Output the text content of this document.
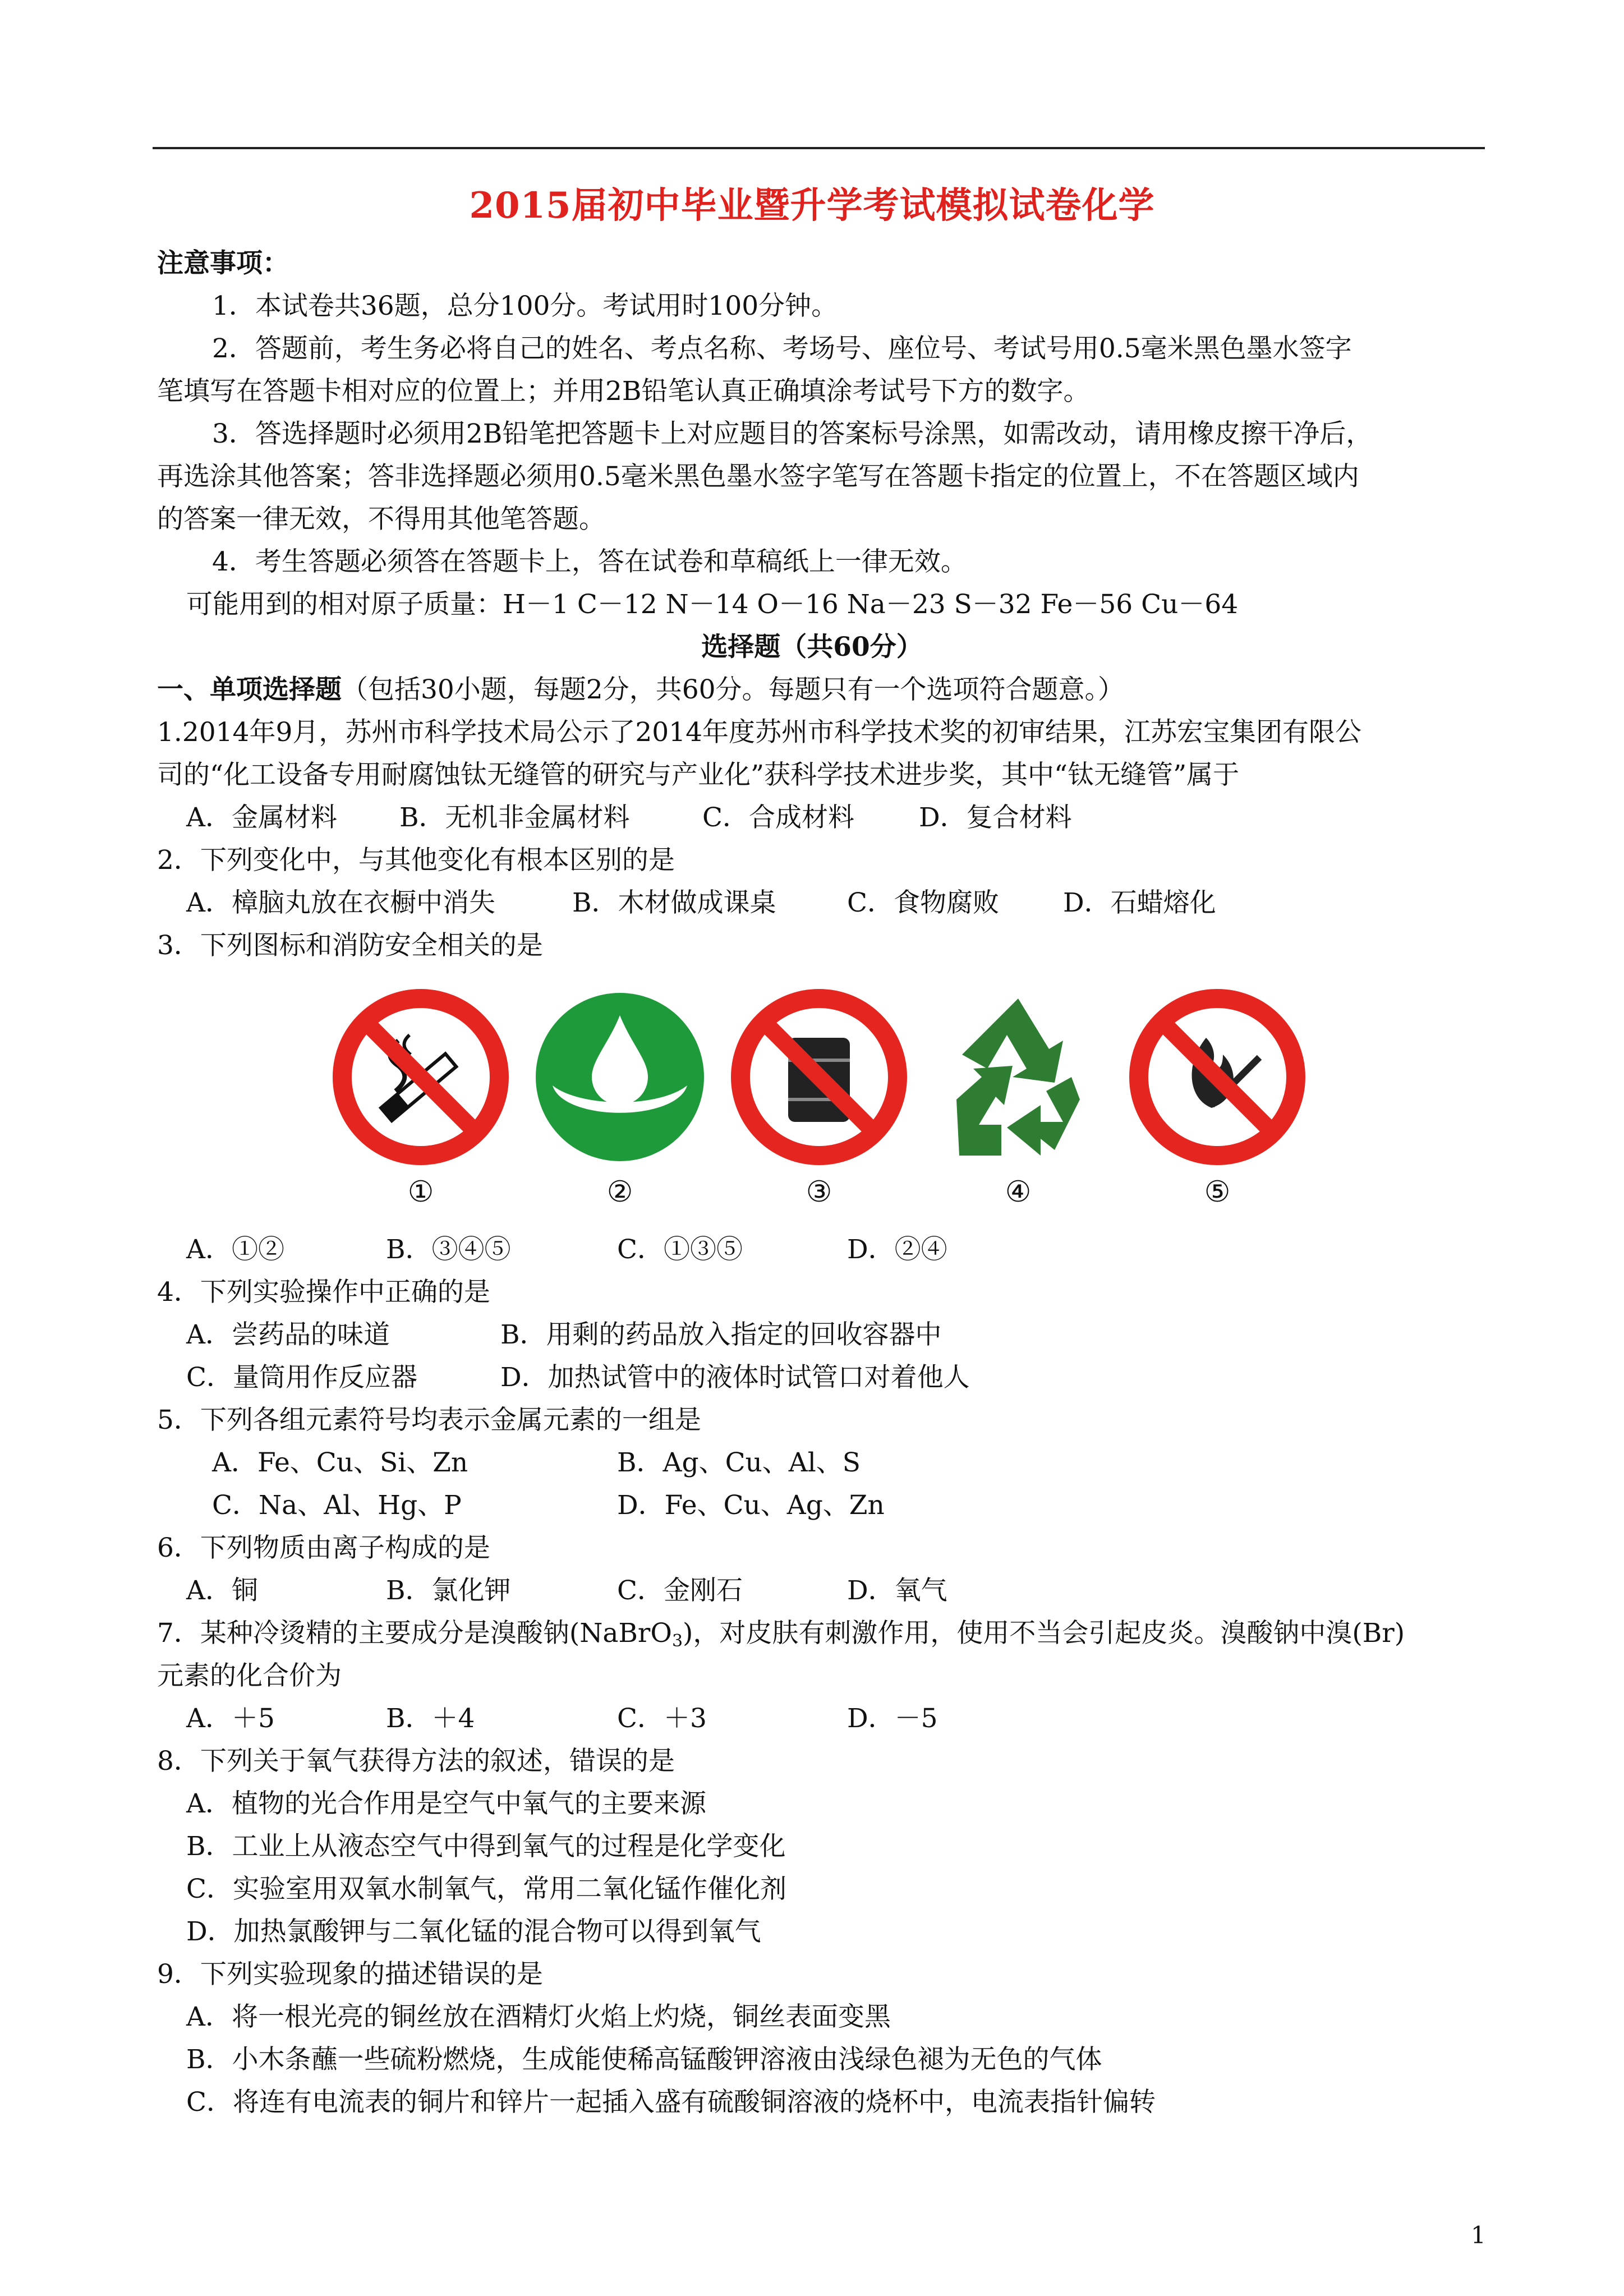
2015届初中毕业暨升学考试模拟试卷化学
注意事项：
1．本试卷共36题，总分100分。考试用时100分钟。
2．答题前，考生务必将自己的姓名、考点名称、考场号、座位号、考试号用0.5毫米黑色墨水签字
笔填写在答题卡相对应的位置上；并用2B铅笔认真正确填涂考试号下方的数字。
3．答选择题时必须用2B铅笔把答题卡上对应题目的答案标号涂黑，如需改动，请用橡皮擦干净后，
再选涂其他答案；答非选择题必须用0.5毫米黑色墨水签字笔写在答题卡指定的位置上，不在答题区域内
的答案一律无效，不得用其他笔答题。
4．考生答题必须答在答题卡上，答在试卷和草稿纸上一律无效。
可能用到的相对原子质量：H－1 C－12 N－14 O－16 Na－23 S－32 Fe－56 Cu－64
选择题（共60分）
一、单项选择题（包括30小题，每题2分，共60分。每题只有一个选项符合题意。）
1.2014年9月，苏州市科学技术局公示了2014年度苏州市科学技术奖的初审结果，江苏宏宝集团有限公
司的“化工设备专用耐腐蚀钛无缝管的研究与产业化”获科学技术进步奖，其中“钛无缝管”属于
A．金属材料 B．无机非金属材料	C．合成材料 D．复合材料
2．下列变化中，与其他变化有根本区别的是
A．樟脑丸放在衣橱中消失	B．木材做成课桌	C．食物腐败 D．石蜡熔化
3．下列图标和消防安全相关的是
①	②	③	④	⑤
A．①②	B．③④⑤	C．①③⑤	D．②④
4．下列实验操作中正确的是
A．尝药品的味道	B．用剩的药品放入指定的回收容器中
C．量筒用作反应器	D．加热试管中的液体时试管口对着他人
5．下列各组元素符号均表示金属元素的一组是
A．Fe、Cu、Si、Zn	B．Ag、Cu、Al、S
C．Na、Al、Hg、P	D．Fe、Cu、Ag、Zn
6．下列物质由离子构成的是
A．铜	B．氯化钾	C．金刚石	D．氧气
7．某种冷烫精的主要成分是溴酸钠(NaBrO$_3$)，对皮肤有刺激作用，使用不当会引起皮炎。溴酸钠中溴(Br)
元素的化合价为
A．＋5	B．＋4	C．＋3	D．－5
8．下列关于氧气获得方法的叙述，错误的是
A．植物的光合作用是空气中氧气的主要来源
B．工业上从液态空气中得到氧气的过程是化学变化
C．实验室用双氧水制氧气，常用二氧化锰作催化剂
D．加热氯酸钾与二氧化锰的混合物可以得到氧气
9．下列实验现象的描述错误的是
A．将一根光亮的铜丝放在酒精灯火焰上灼烧，铜丝表面变黑
B．小木条蘸一些硫粉燃烧，生成能使稀高锰酸钾溶液由浅绿色褪为无色的气体
C．将连有电流表的铜片和锌片一起插入盛有硫酸铜溶液的烧杯中，电流表指针偏转
1
